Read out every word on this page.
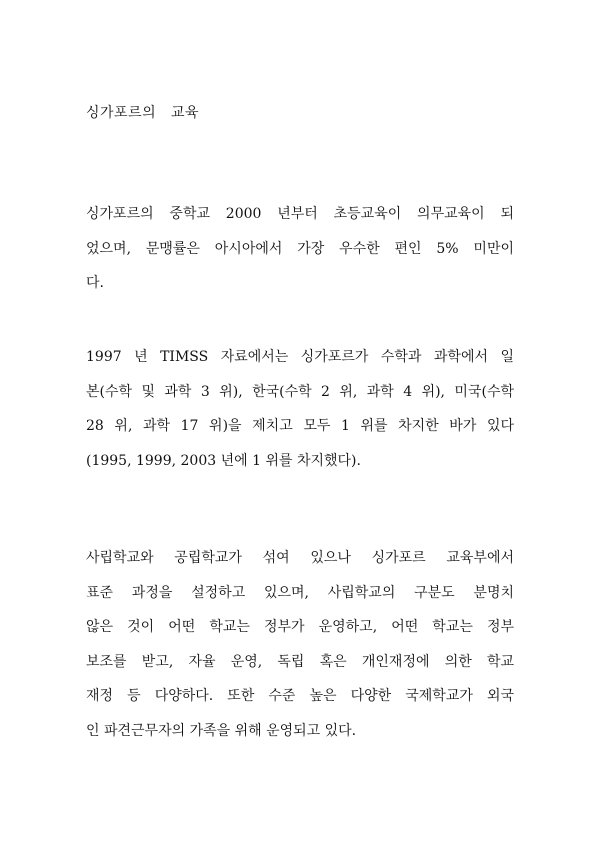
싱가포르의   교육
싱가포르의 중학교 2000 년부터 초등교육이 의무교육이 되
었으며, 문맹률은 아시아에서 가장 우수한 편인 5% 미만이
다.
1997 년 TIMSS 자료에서는 싱가포르가 수학과 과학에서 일
본(수학 및 과학 3 위), 한국(수학 2 위, 과학 4 위), 미국(수학
28 위, 과학 17 위)을 제치고 모두 1 위를 차지한 바가 있다
(1995, 1999, 2003 년에 1 위를 차지했다).
사립학교와 공립학교가 섞여 있으나 싱가포르 교육부에서
표준 과정을 설정하고 있으며, 사립학교의 구분도 분명치
않은 것이 어떤 학교는 정부가 운영하고, 어떤 학교는 정부
보조를 받고, 자율 운영, 독립 혹은 개인재정에 의한 학교
재정 등 다양하다. 또한 수준 높은 다양한 국제학교가 외국
인 파견근무자의 가족을 위해 운영되고 있다.
